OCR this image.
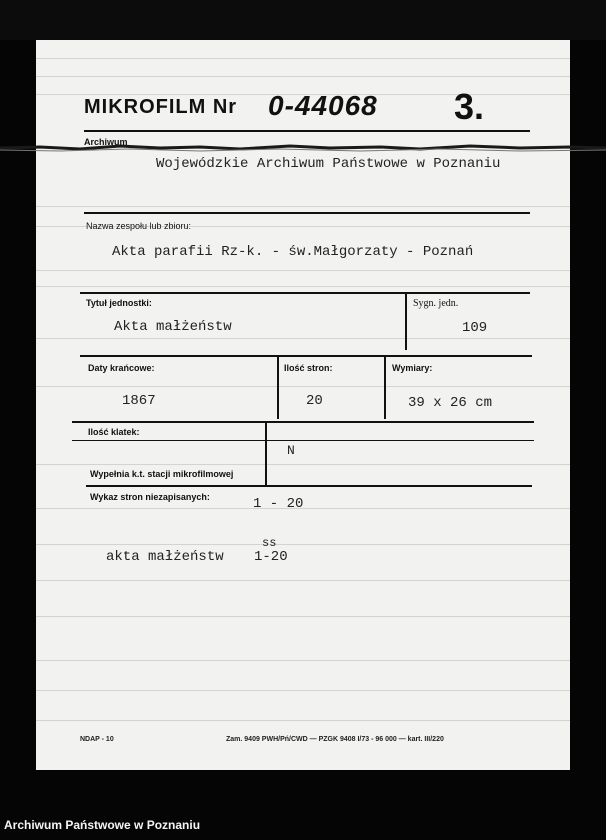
MIKROFILM Nr 0-44068 3.
Archiwum
Wojewódzkie Archiwum Państwowe w Poznaniu
Nazwa zespołu lub zbioru:
Akta parafii Rz-k. - św.Małgorzaty - Poznań
Tytuł jednostki:
Akta małżeństw
Sygn. jedn.
109
Daty krańcowe:
1867
Ilość stron:
20
Wymiary:
39 x 26 cm
Ilość klatek:
Wypełnia k.t. stacji mikrofilmowej
N
Wykaz stron niezapisanych:	1 - 20
akta małżeństw
ss
1-20
NDAP - 10	Zam. 9409 PWH/Pń/CWD — PZGK 9408 I/73 - 96 000 — kart. III/220
Archiwum Państwowe w Poznaniu
